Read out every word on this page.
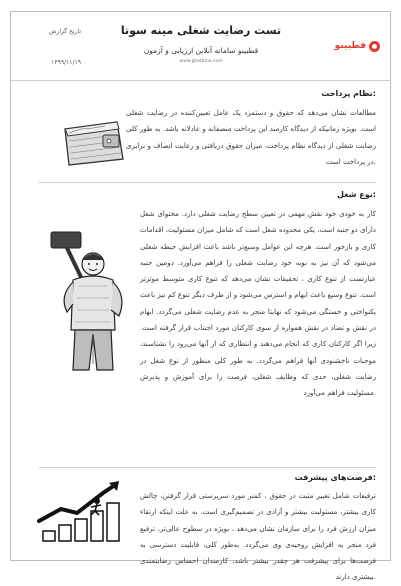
تاریخ گزارش
۱۳۹۹/۱۱/۱۹
تست رضایت شغلی مینه سوتا
قطبینو سامانه آنلاین ارزیابی و آزمون
www.ghotbino.com
قطبینو
نظام پرداخت:
مطالعات نشان می‌دهد که حقوق و دستمزد یک عامل تعیین‌کننده در رضایت شغلی است. بویژه زمانیکه از دیدگاه کارمند این پرداخت منصفانه و عادلانه باشد. به طور کلی رضایت شغلی از دیدگاه نظام پرداخت، میزان حقوق دریافتی و رعایت انصاف و برابری در پرداخت است.
نوع شغل:
کار به خودی خود نقش مهمی در تعیین سطح رضایت شغلی دارد. محتوای شغل دارای دو جنبه است، یکی محدوده شغل است که شامل میزان مسئولیت، اقدامات کاری و بازخور است. هرچه این عوامل وسیع‌تر باشد باعث افزایش حیطه شغلی می‌شود که آن نیز به نوبه خود رضایت شغلی را فراهم می‌آورد. دومین جنبه عبارتست از تنوع کاری ، تحقیقات نشان می‌دهد که تنوع کاری متوسط موثرتر است. تنوع وسیع باعث ابهام و استرس می‌شود و از طرف دیگر تنوع کم نیز باعث یکنواختی و خستگی می‌شود که نهایتا منجر به عدم رضایت شغلی می‌گردد. ابهام در نقش و تضاد در نقش همواره از سوی کارکنان مورد اجتناب قرار گرفته است. زیرا اگر کارکنان کاری که انجام می‌دهند و انتظاری که از آنها می‌رود را نشناسند، موجبات ناخشنودی آنها فراهم می‌گردد. به طور کلی منظور از نوع شغل در رضایت شغلی، حدی که وظایف شغلی، فرصت را برای آموزش و پذیرش مسئولیت فراهم می‌آورد.
فرصت‌های پیشرفت:
ترفیعات شامل تغییر مثبت در حقوق ، کمتر مورد سرپرستی قرار گرفتن، چالش کاری بیشتر، مسئولیت بیشتر و آزادی در تصمیم‌گیری است. به علت اینکه ارتقاء میزان ارزش فرد را برای سازمان نشان می‌دهد ، بویژه در سطوح عالی‌تر، ترفیع فرد منجر به افزایش روحیه‌ی وی می‌گردد. به‌طور کلی، قابلیت دسترسی به فرصت‌ها برای پیشرفت هر چقدر بیشتر باشد، کارمندان احساس رضایتمندی بیشتری دارند.
